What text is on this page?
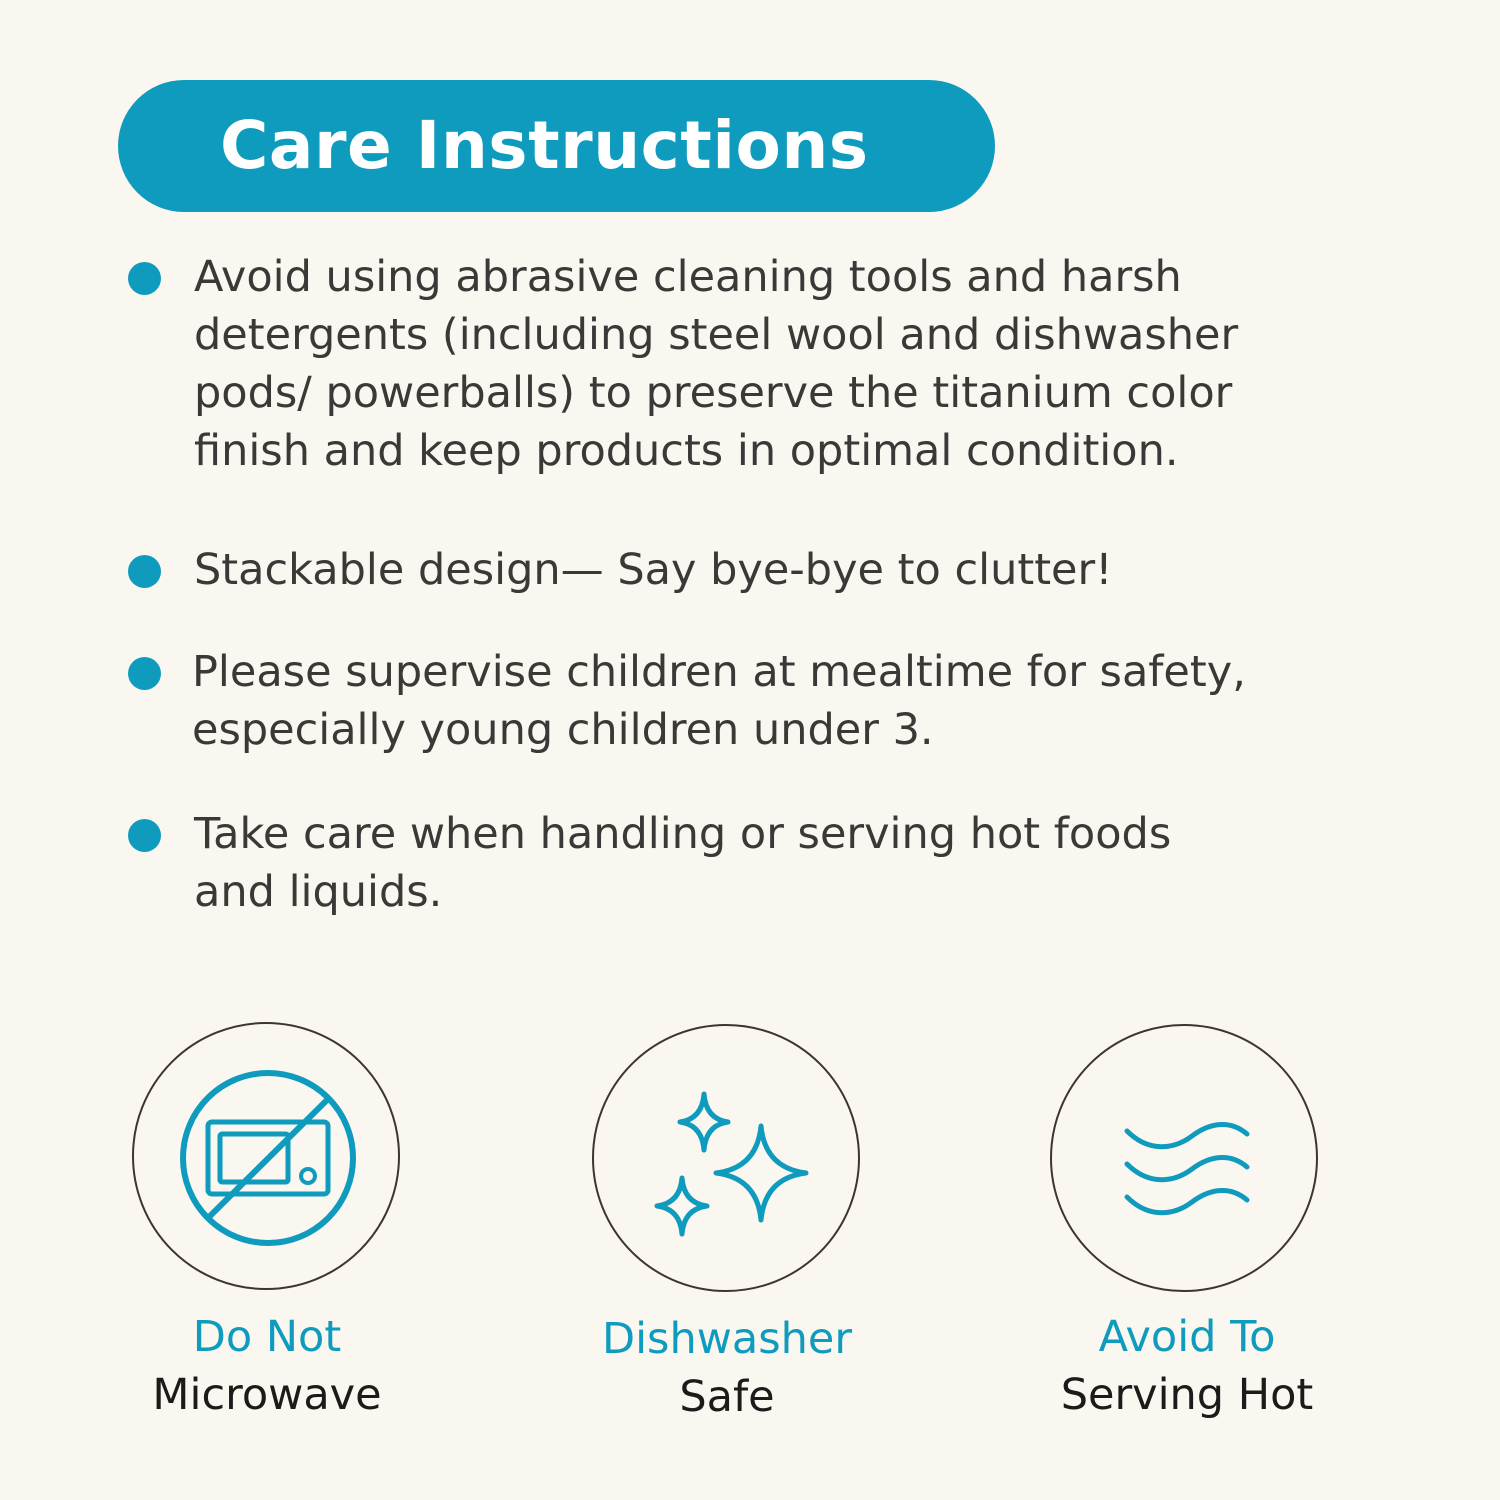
Care Instructions
Avoid using abrasive cleaning tools and harsh
detergents (including steel wool and dishwasher
pods/ powerballs) to preserve the titanium color
finish and keep products in optimal condition.
Stackable design— Say bye-bye to clutter!
Please supervise children at mealtime for safety,
especially young children under 3.
Take care when handling or serving hot foods
and liquids.
Do Not
Microwave
Dishwasher
Safe
Avoid To
Serving Hot
